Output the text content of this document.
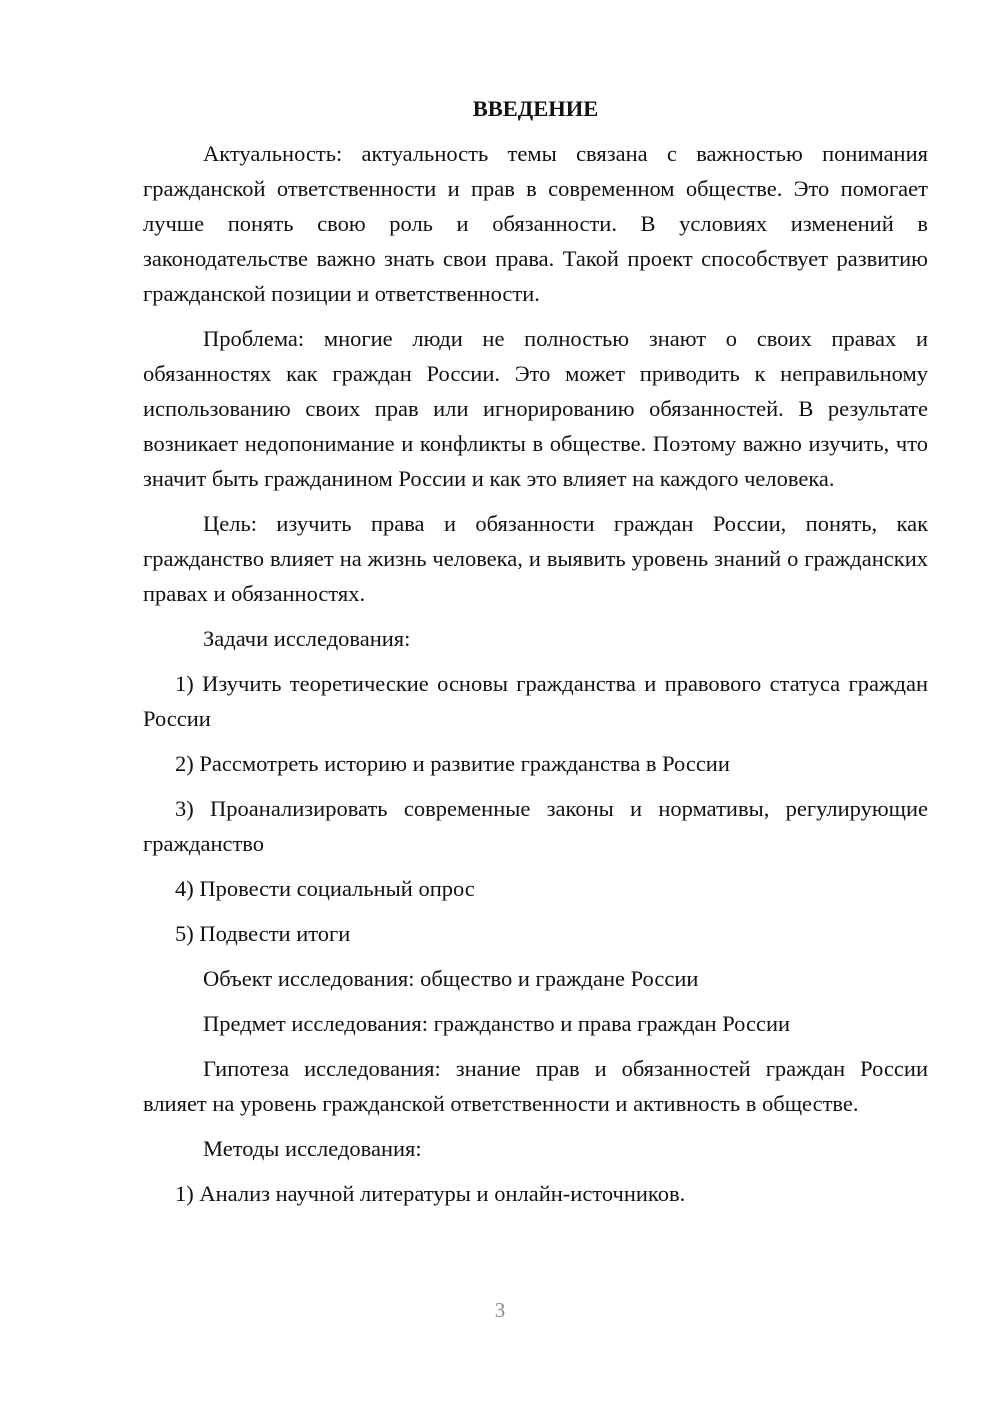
ВВЕДЕНИЕ

Актуальность: актуальность темы связана с важностью понимания гражданской ответственности и прав в современном обществе. Это помогает лучше понять свою роль и обязанности. В условиях изменений в законодательстве важно знать свои права. Такой проект способствует развитию гражданской позиции и ответственности.

Проблема: многие люди не полностью знают о своих правах и обязанностях как граждан России. Это может приводить к неправильному использованию своих прав или игнорированию обязанностей. В результате возникает недопонимание и конфликты в обществе. Поэтому важно изучить, что значит быть гражданином России и как это влияет на каждого человека.

Цель: изучить права и обязанности граждан России, понять, как гражданство влияет на жизнь человека, и выявить уровень знаний о гражданских правах и обязанностях.

Задачи исследования:

1) Изучить теоретические основы гражданства и правового статуса граждан России

2) Рассмотреть историю и развитие гражданства в России

3) Проанализировать современные законы и нормативы, регулирующие гражданство

4) Провести социальный опрос

5) Подвести итоги

Объект исследования: общество и граждане России

Предмет исследования: гражданство и права граждан России

Гипотеза исследования: знание прав и обязанностей граждан России влияет на уровень гражданской ответственности и активность в обществе.

Методы исследования:

1) Анализ научной литературы и онлайн-источников.

3
